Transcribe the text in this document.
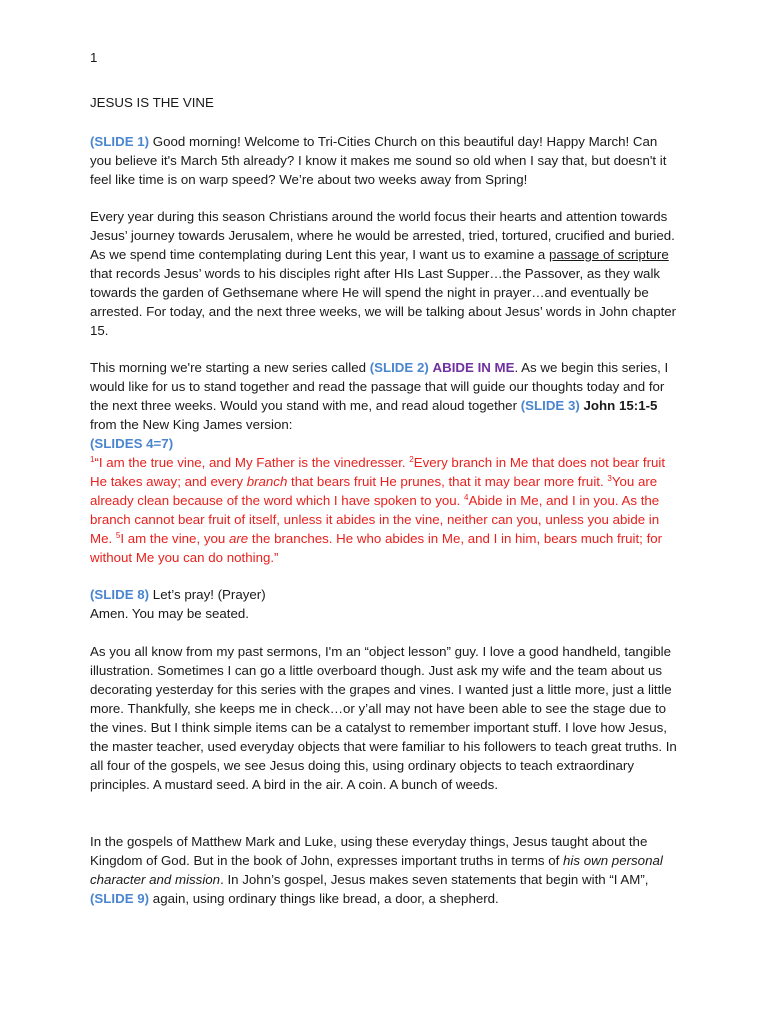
1
JESUS IS THE VINE
(SLIDE 1) Good morning! Welcome to Tri-Cities Church on this beautiful day! Happy March! Can you believe it's March 5th already? I know it makes me sound so old when I say that, but doesn't it feel like time is on warp speed? We’re about two weeks away from Spring!
Every year during this season Christians around the world focus their hearts and attention towards Jesus’ journey towards Jerusalem, where he would be arrested, tried, tortured, crucified and buried. As we spend time contemplating during Lent this year, I want us to examine a passage of scripture that records Jesus’ words to his disciples right after HIs Last Supper…the Passover, as they walk towards the garden of Gethsemane where He will spend the night in prayer…and eventually be arrested. For today, and the next three weeks, we will be talking about Jesus’ words in John chapter 15.
This morning we're starting a new series called (SLIDE 2) ABIDE IN ME. As we begin this series, I would like for us to stand together and read the passage that will guide our thoughts today and for the next three weeks. Would you stand with me, and read aloud together (SLIDE 3) John 15:1-5 from the New King James version:
(SLIDES 4=7)
$^1$“I am the true vine, and My Father is the vinedresser. $^2$Every branch in Me that does not bear fruit He takes away; and every branch that bears fruit He prunes, that it may bear more fruit. $^3$You are already clean because of the word which I have spoken to you. $^4$Abide in Me, and I in you. As the branch cannot bear fruit of itself, unless it abides in the vine, neither can you, unless you abide in Me. $^5$I am the vine, you are the branches. He who abides in Me, and I in him, bears much fruit; for without Me you can do nothing.”
(SLIDE 8) Let’s pray! (Prayer)
Amen. You may be seated.
As you all know from my past sermons, I'm an “object lesson” guy. I love a good handheld, tangible illustration. Sometimes I can go a little overboard though. Just ask my wife and the team about us decorating yesterday for this series with the grapes and vines. I wanted just a little more, just a little more. Thankfully, she keeps me in check…or y’all may not have been able to see the stage due to the vines. But I think simple items can be a catalyst to remember important stuff. I love how Jesus, the master teacher, used everyday objects that were familiar to his followers to teach great truths. In all four of the gospels, we see Jesus doing this, using ordinary objects to teach extraordinary principles. A mustard seed. A bird in the air. A coin. A bunch of weeds.
In the gospels of Matthew Mark and Luke, using these everyday things, Jesus taught about the Kingdom of God. But in the book of John, expresses important truths in terms of his own personal character and mission. In John’s gospel, Jesus makes seven statements that begin with “I AM”, (SLIDE 9) again, using ordinary things like bread, a door, a shepherd.
